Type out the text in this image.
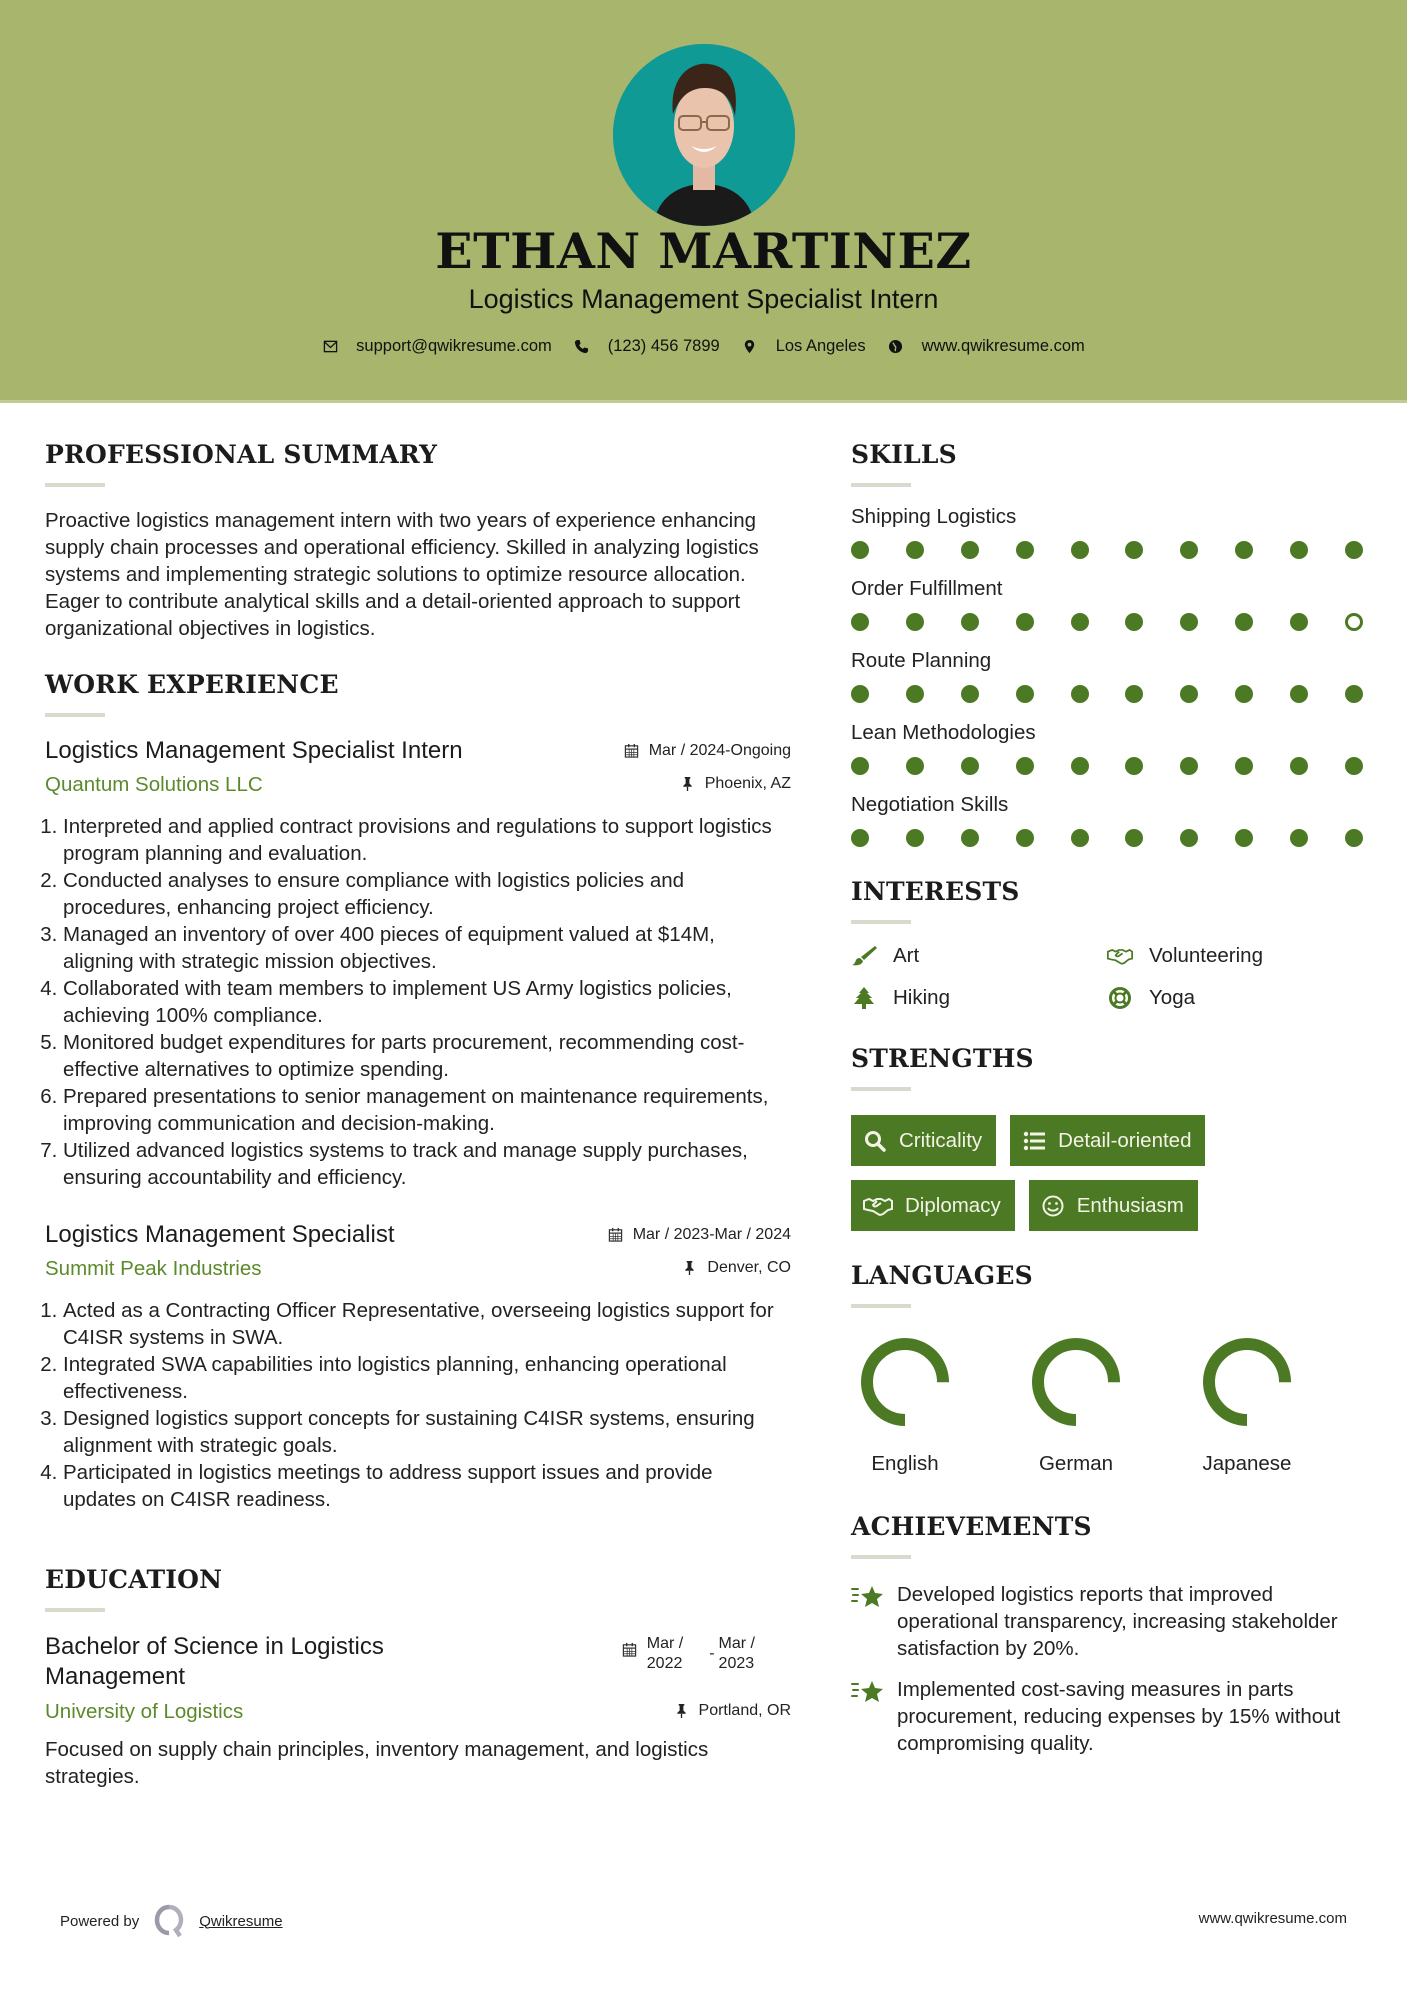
ETHAN MARTINEZ
Logistics Management Specialist Intern
support@qwikresume.com	(123) 456 7899	Los Angeles	www.qwikresume.com
PROFESSIONAL SUMMARY

Proactive logistics management intern with two years of experience enhancing supply chain processes and operational efficiency. Skilled in analyzing logistics systems and implementing strategic solutions to optimize resource allocation. Eager to contribute analytical skills and a detail-oriented approach to support organizational objectives in logistics.

WORK EXPERIENCE
Logistics Management Specialist Intern	Mar / 2024-Ongoing
Quantum Solutions LLC	Phoenix, AZ
1. Interpreted and applied contract provisions and regulations to support logistics program planning and evaluation.
2. Conducted analyses to ensure compliance with logistics policies and procedures, enhancing project efficiency.
3. Managed an inventory of over 400 pieces of equipment valued at $14M, aligning with strategic mission objectives.
4. Collaborated with team members to implement US Army logistics policies, achieving 100% compliance.
5. Monitored budget expenditures for parts procurement, recommending cost-effective alternatives to optimize spending.
6. Prepared presentations to senior management on maintenance requirements, improving communication and decision-making.
7. Utilized advanced logistics systems to track and manage supply purchases, ensuring accountability and efficiency.
Logistics Management Specialist	Mar / 2023-Mar / 2024
Summit Peak Industries	Denver, CO
1. Acted as a Contracting Officer Representative, overseeing logistics support for C4ISR systems in SWA.
2. Integrated SWA capabilities into logistics planning, enhancing operational effectiveness.
3. Designed logistics support concepts for sustaining C4ISR systems, ensuring alignment with strategic goals.
4. Participated in logistics meetings to address support issues and provide updates on C4ISR readiness.
EDUCATION
Bachelor of Science in Logistics Management
Mar /
2022
-
Mar /
2023
University of Logistics	Portland, OR

Focused on supply chain principles, inventory management, and logistics strategies.

SKILLS
Shipping Logistics
Order Fulfillment
Route Planning
Lean Methodologies
Negotiation Skills
INTERESTS
Art	Volunteering
Hiking	Yoga
STRENGTHS
Criticality	Detail-oriented
Diplomacy	Enthusiasm
LANGUAGES
English	German	Japanese
ACHIEVEMENTS
Developed logistics reports that improved operational transparency, increasing stakeholder satisfaction by 20%.
Implemented cost-saving measures in parts procurement, reducing expenses by 15% without compromising quality.
Powered by	Qwikresume	www.qwikresume.com
